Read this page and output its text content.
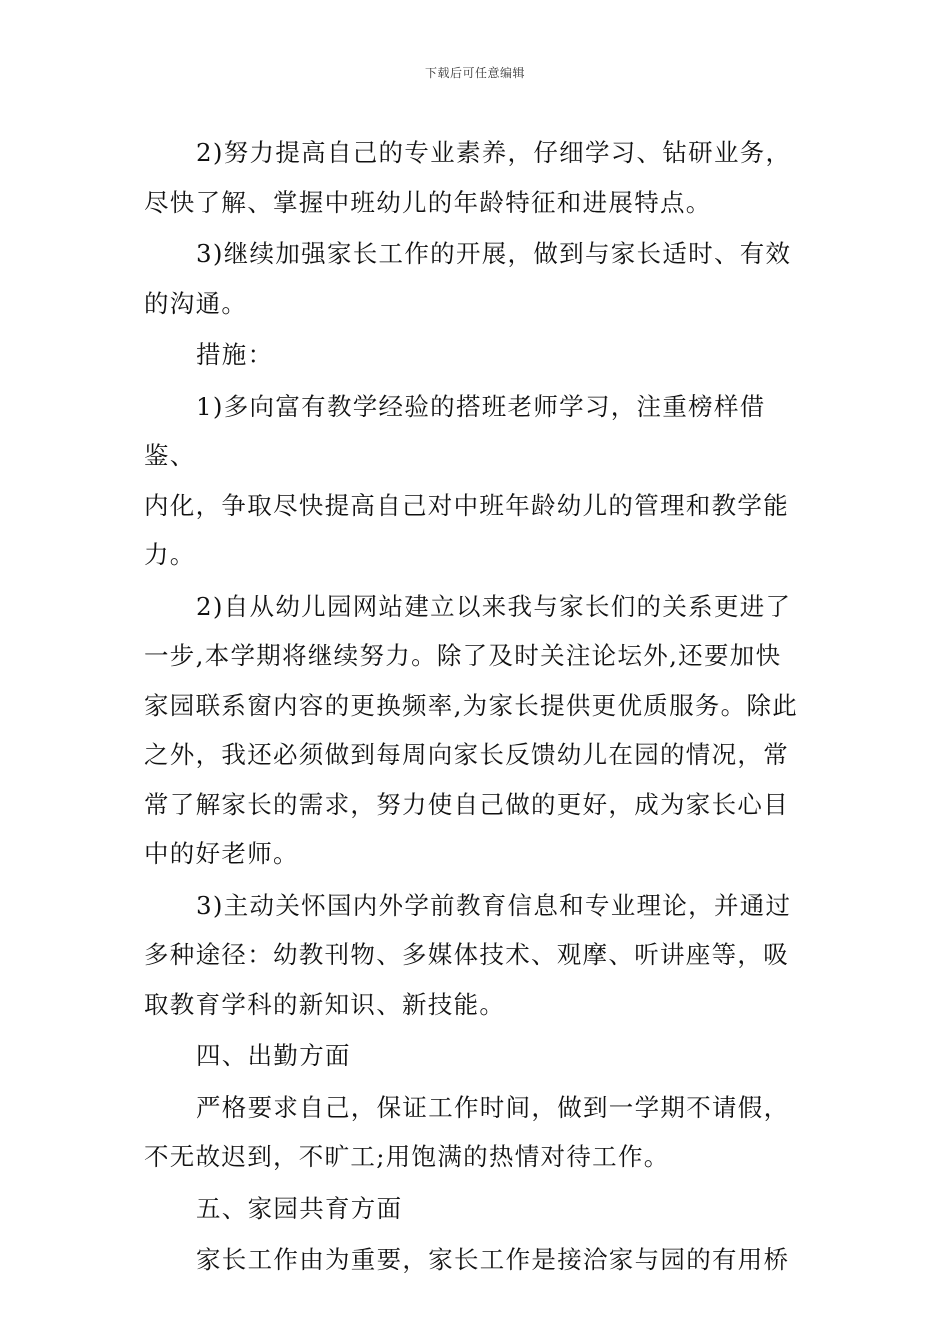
下载后可任意编辑

2)努力提高自己的专业素养，仔细学习、钻研业务，
尽快了解、掌握中班幼儿的年龄特征和进展特点。

3)继续加强家长工作的开展，做到与家长适时、有效
的沟通。

措施：

1)多向富有教学经验的搭班老师学习，注重榜样借鉴、
内化，争取尽快提高自己对中班年龄幼儿的管理和教学能
力。

2)自从幼儿园网站建立以来我与家长们的关系更进了
一步,本学期将继续努力。除了及时关注论坛外,还要加快
家园联系窗内容的更换频率,为家长提供更优质服务。除此
之外，我还必须做到每周向家长反馈幼儿在园的情况，常
常了解家长的需求，努力使自己做的更好，成为家长心目
中的好老师。

3)主动关怀国内外学前教育信息和专业理论，并通过
多种途径：幼教刊物、多媒体技术、观摩、听讲座等，吸
取教育学科的新知识、新技能。

四、出勤方面

严格要求自己，保证工作时间，做到一学期不请假，
不无故迟到，不旷工;用饱满的热情对待工作。

五、家园共育方面

家长工作由为重要，家长工作是接洽家与园的有用桥
